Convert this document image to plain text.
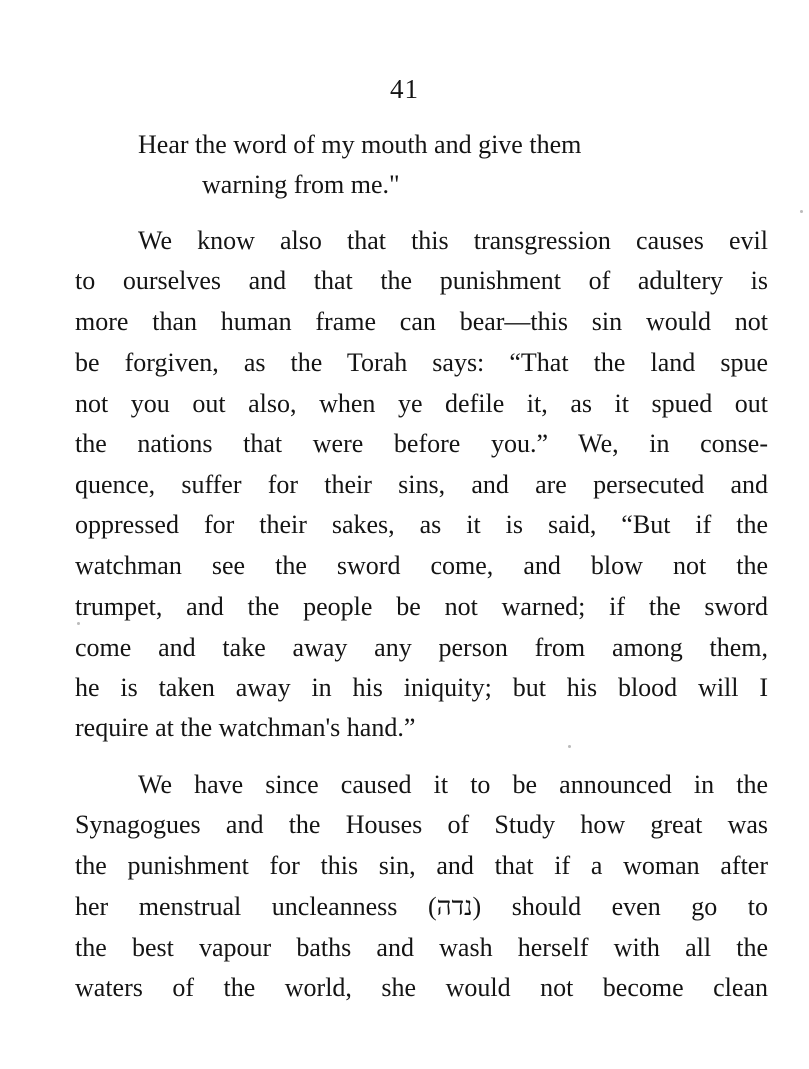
41
Hear the word of my mouth and give them
warning from me."
We know also that this transgression causes evil
to ourselves and that the punishment of adultery is
more than human frame can bear—this sin would not
be forgiven, as the Torah says: “That the land spue
not you out also, when ye defile it, as it spued out
the nations that were before you.” We, in conse-
quence, suffer for their sins, and are persecuted and
oppressed for their sakes, as it is said, “But if the
watchman see the sword come, and blow not the
trumpet, and the people be not warned; if the sword
come and take away any person from among them,
he is taken away in his iniquity; but his blood will I
require at the watchman's hand.”
We have since caused it to be announced in the
Synagogues and the Houses of Study how great was
the punishment for this sin, and that if a woman after
her menstrual uncleanness (נדה) should even go to
the best vapour baths and wash herself with all the
waters of the world, she would not become clean
